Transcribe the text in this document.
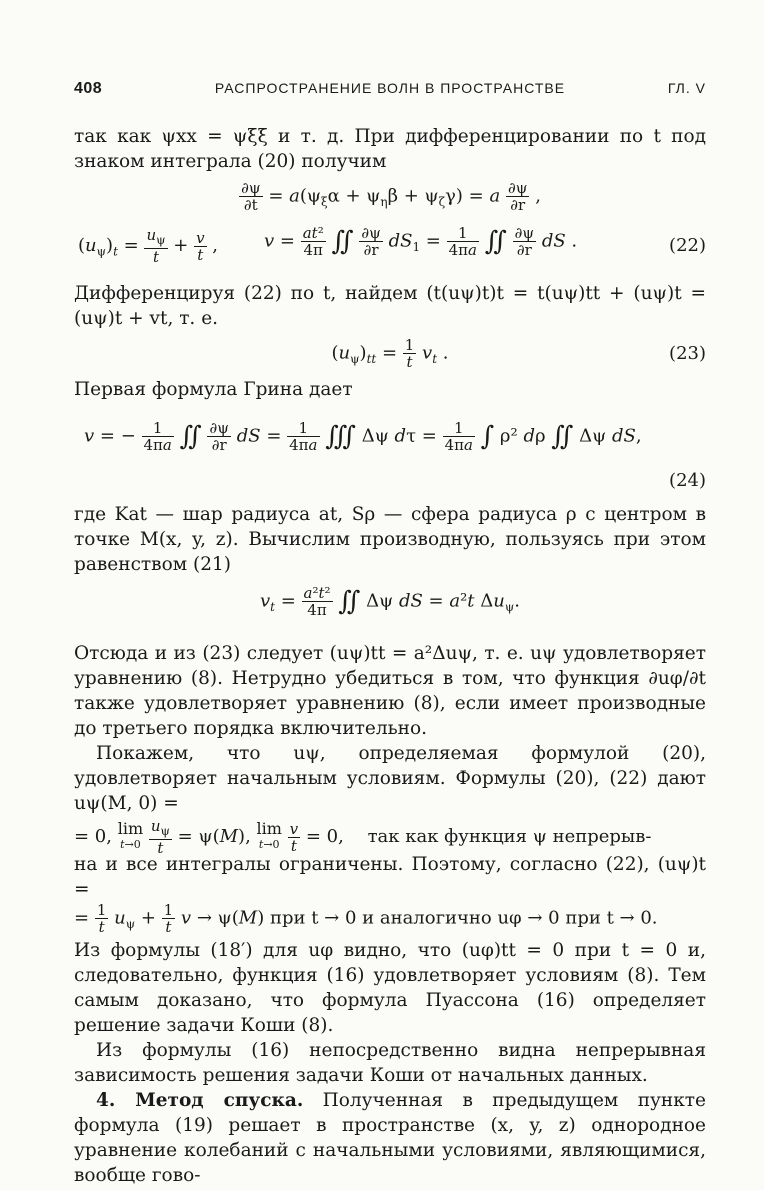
408	РАСПРОСТРАНЕНИЕ ВОЛН В ПРОСТРАНСТВЕ	ГЛ. V

так как ψxx = ψξξ и т. д. При дифференцировании по t под знаком интеграла (20) получим

$\frac{\partial\psi}{\partial t} = a(\psi_\xi\alpha + \psi_\eta\beta + \psi_\zeta\gamma) = a \frac{\partial\psi}{\partial r}$ ,
$(u_\psi)_t = \frac{u_\psi}{t} + \frac{v}{t}$ ,	$v = \frac{\text{at²}}{4\pi}$ ∬ $\frac{\partial\psi}{\partial r} dS_1 = \frac{1}{4\pi a}$ ∬ $\frac{\partial\psi}{\partial r}$ dS .	(22)

Дифференцируя (22) по t, найдем (t(uψ)t)t = t(uψ)tt + (uψ)t = (uψ)t + vt, т. е.

$(u_\psi)_{tt} = \frac{1}{t} v_t$ .	(23)

Первая формула Грина дает

v = − $\frac{1}{4\pi a}$ ∬ $\frac{\partial\psi}{\partial r}$ dS = $\frac{1}{4\pi a}$ ∭ Δψ $d\tau = \frac{1}{4\pi a}$ ∫ ρ² dρ ∬ Δψ dS,
(24)

где Kat — шар радиуса at, Sρ — сфера радиуса ρ с центром в точке M(x, y, z). Вычислим производную, пользуясь при этом равенством (21)

$v_t = \frac{\text{a²t²}}{4\pi}$ ∬ Δψ dS = a²t $\Delta u_\psi$.

Отсюда и из (23) следует (uψ)tt = a²Δuψ, т. е. uψ удовлетворяет уравнению (8). Нетрудно убедиться в том, что функция ∂uφ/∂t также удовлетворяет уравнению (8), если имеет производные до третьего порядка включительно.

Покажем, что uψ, определяемая формулой (20), удовлетворяет начальным условиям. Формулы (20), (22) дают uψ(M, 0) =

= 0, lim
t→0
$\frac{u_\psi}{t} = \psi(M)$, lim
t→0
$\frac{v}{t} = 0$, так как функция ψ непрерыв-

на и все интегралы ограничены. Поэтому, согласно (22), (uψ)t =

= $\frac{1}{t} u_\psi + \frac{1}{t}$ v → ψ(M) при t → 0 и аналогично uφ → 0 при t → 0.

Из формулы (18′) для uφ видно, что (uφ)tt = 0 при t = 0 и, следовательно, функция (16) удовлетворяет условиям (8). Тем самым доказано, что формула Пуассона (16) определяет решение задачи Коши (8).

Из формулы (16) непосредственно видна непрерывная зависимость решения задачи Коши от начальных данных.

4. Метод спуска. Полученная в предыдущем пункте формула (19) решает в пространстве (x, y, z) однородное уравнение колебаний с начальными условиями, являющимися, вообще гово-
